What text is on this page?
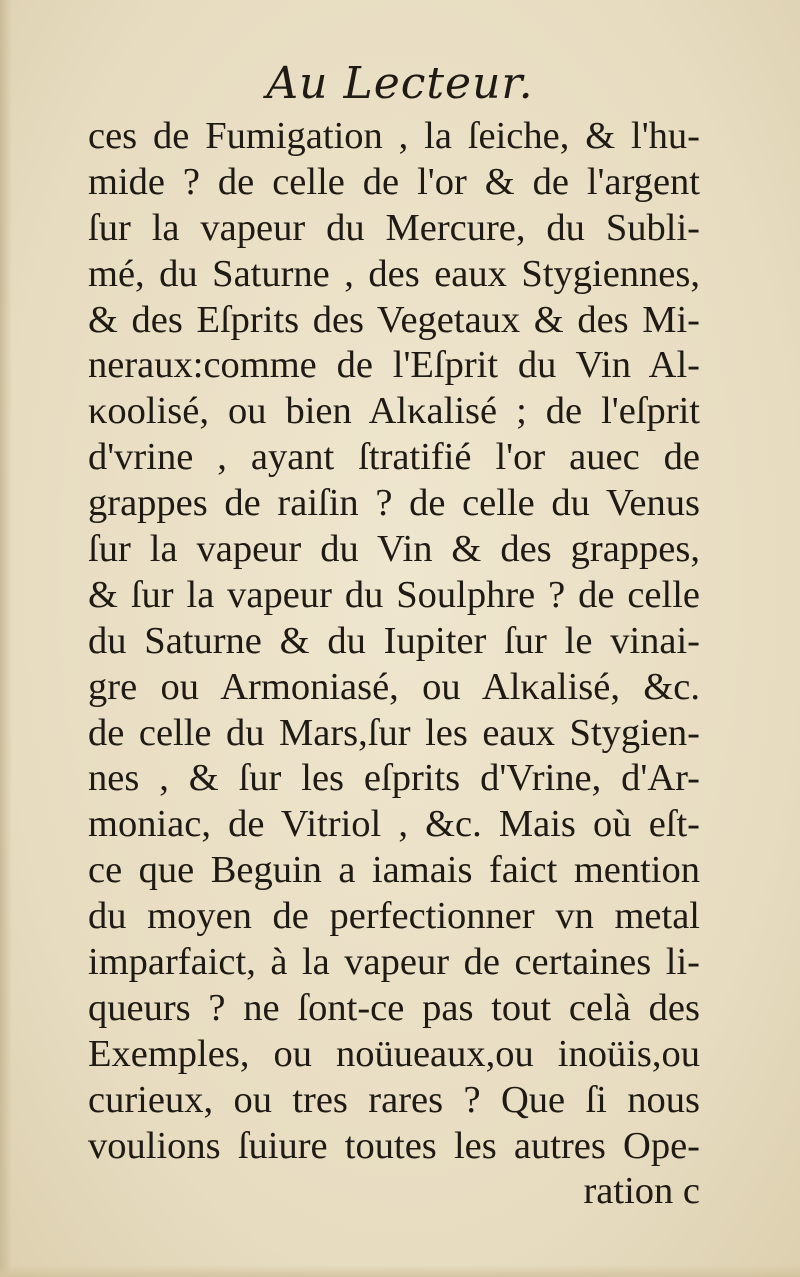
Au Lecteur.
ces de Fumigation , la ſeiche, & l'hu-
mide ? de celle de l'or & de l'argent
ſur la vapeur du Mercure, du Subli-
mé, du Saturne , des eaux Stygiennes,
& des Eſprits des Vegetaux & des Mi-
neraux:comme de l'Eſprit du Vin Al-
κoolisé, ou bien Alκalisé ; de l'eſprit
d'vrine , ayant ſtratifié l'or auec de
grappes de raiſin ? de celle du Venus
ſur la vapeur du Vin & des grappes,
& ſur la vapeur du Soulphre ? de celle
du Saturne & du Iupiter ſur le vinai-
gre ou Armoniasé, ou Alκalisé, &c.
de celle du Mars,ſur les eaux Stygien-
nes , & ſur les eſprits d'Vrine, d'Ar-
moniac, de Vitriol , &c. Mais où eſt-
ce que Beguin a iamais faict mention
du moyen de perfectionner vn metal
imparfaict, à la vapeur de certaines li-
queurs ? ne ſont-ce pas tout celà des
Exemples, ou noüueaux,ou inoüis,ou
curieux, ou tres rares ? Que ſi nous
voulions ſuiure toutes les autres Ope-
ration c
